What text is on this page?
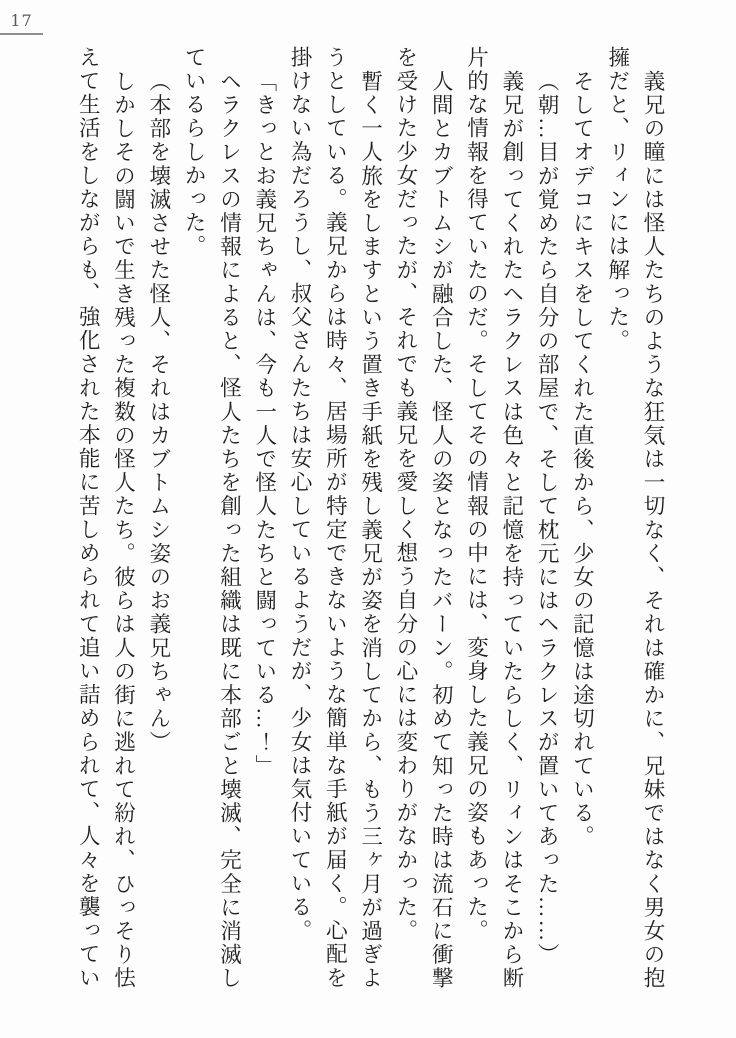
17
義兄の瞳には怪人たちのような狂気は一切なく、それは確かに、兄妹ではなく男女の抱
擁だと、リィンには解った。
そしてオデコにキスをしてくれた直後から、少女の記憶は途切れている。
（朝…目が覚めたら自分の部屋で、そして枕元にはヘラクレスが置いてあった……）
義兄が創ってくれたヘラクレスは色々と記憶を持っていたらしく、リィンはそこから断
片的な情報を得ていたのだ。そしてその情報の中には、変身した義兄の姿もあった。
人間とカブトムシが融合した、怪人の姿となったバーン。初めて知った時は流石に衝撃
を受けた少女だったが、それでも義兄を愛しく想う自分の心には変わりがなかった。
暫く一人旅をしますという置き手紙を残し義兄が姿を消してから、もう三ヶ月が過ぎよ
うとしている。義兄からは時々、居場所が特定できないような簡単な手紙が届く。心配を
掛けない為だろうし、叔父さんたちは安心しているようだが、少女は気付いている。
「きっとお義兄ちゃんは、今も一人で怪人たちと闘っている…！」
ヘラクレスの情報によると、怪人たちを創った組織は既に本部ごと壊滅、完全に消滅し
ているらしかった。
（本部を壊滅させた怪人、それはカブトムシ姿のお義兄ちゃん）
しかしその闘いで生き残った複数の怪人たち。彼らは人の街に逃れて紛れ、ひっそり怯
えて生活をしながらも、強化された本能に苦しめられて追い詰められて、人々を襲ってい
